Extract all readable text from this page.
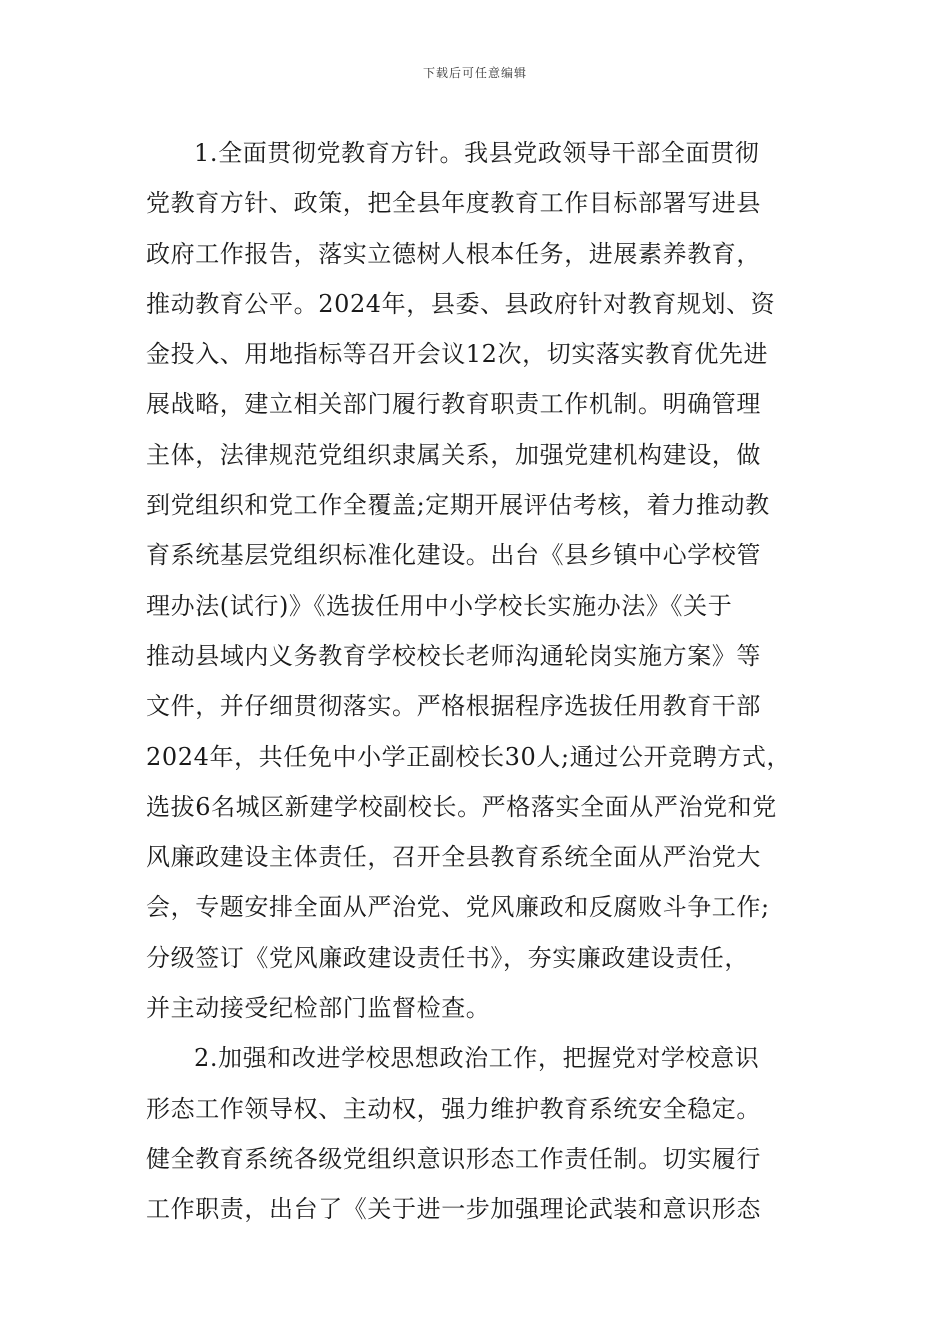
下载后可任意编辑
1.全面贯彻党教育方针。我县党政领导干部全面贯彻
党教育方针、政策，把全县年度教育工作目标部署写进县
政府工作报告，落实立德树人根本任务，进展素养教育，
推动教育公平。2024年，县委、县政府针对教育规划、资
金投入、用地指标等召开会议12次，切实落实教育优先进
展战略，建立相关部门履行教育职责工作机制。明确管理
主体，法律规范党组织隶属关系，加强党建机构建设，做
到党组织和党工作全覆盖;定期开展评估考核，着力推动教
育系统基层党组织标准化建设。出台《县乡镇中心学校管
理办法(试行)》《选拔任用中小学校长实施办法》《关于
推动县域内义务教育学校校长老师沟通轮岗实施方案》等
文件，并仔细贯彻落实。严格根据程序选拔任用教育干部
2024年，共任免中小学正副校长30人;通过公开竞聘方式，
选拔6名城区新建学校副校长。严格落实全面从严治党和党
风廉政建设主体责任，召开全县教育系统全面从严治党大
会，专题安排全面从严治党、党风廉政和反腐败斗争工作;
分级签订《党风廉政建设责任书》，夯实廉政建设责任，
并主动接受纪检部门监督检查。
2.加强和改进学校思想政治工作，把握党对学校意识
形态工作领导权、主动权，强力维护教育系统安全稳定。
健全教育系统各级党组织意识形态工作责任制。切实履行
工作职责，出台了《关于进一步加强理论武装和意识形态
